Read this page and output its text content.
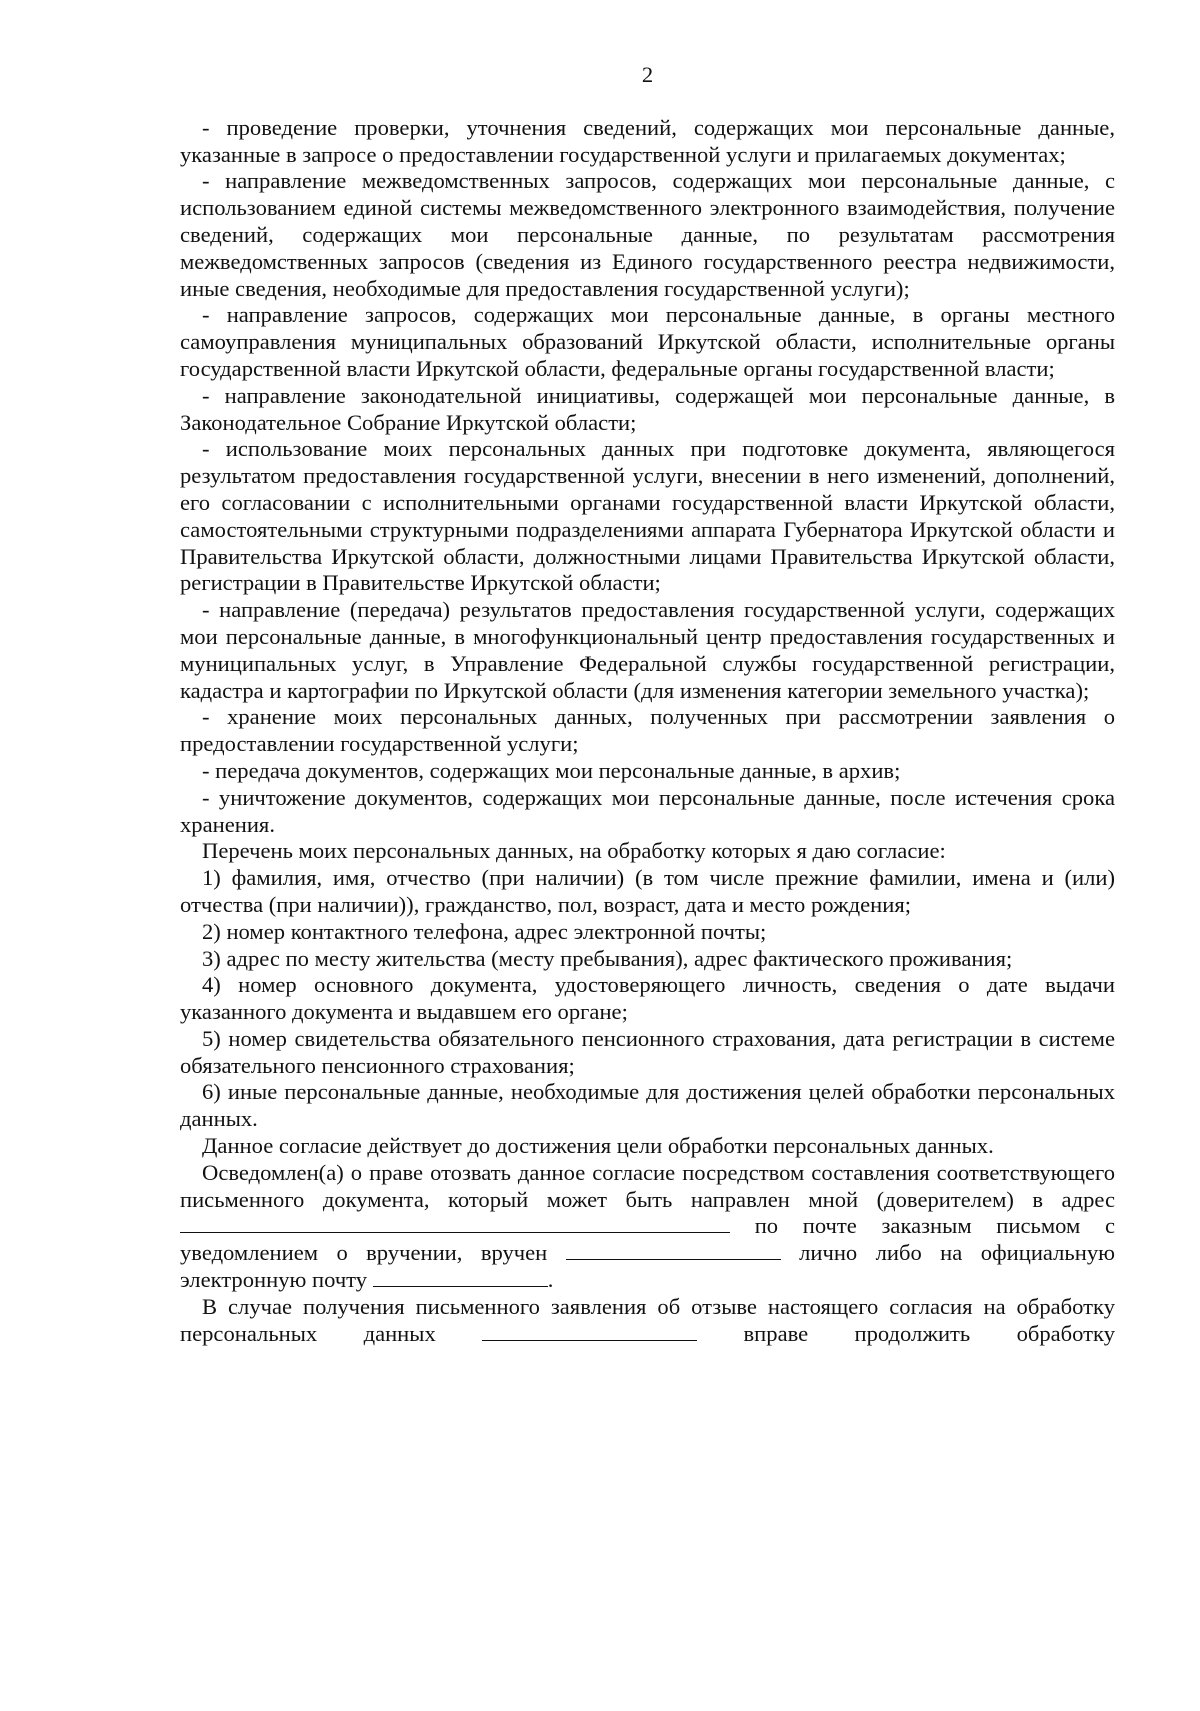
2

- проведение проверки, уточнения сведений, содержащих мои персональные данные, указанные в запросе о предоставлении государственной услуги и прилагаемых документах;

- направление межведомственных запросов, содержащих мои персональные данные, с использованием единой системы межведомственного электронного взаимодействия, получение сведений, содержащих мои персональные данные, по результатам рассмотрения межведомственных запросов (сведения из Единого государственного реестра недвижимости, иные сведения, необходимые для предоставления государственной услуги);

- направление запросов, содержащих мои персональные данные, в органы местного самоуправления муниципальных образований Иркутской области, исполнительные органы государственной власти Иркутской области, федеральные органы государственной власти;

- направление законодательной инициативы, содержащей мои персональные данные, в Законодательное Собрание Иркутской области;

- использование моих персональных данных при подготовке документа, являющегося результатом предоставления государственной услуги, внесении в него изменений, дополнений, его согласовании с исполнительными органами государственной власти Иркутской области, самостоятельными структурными подразделениями аппарата Губернатора Иркутской области и Правительства Иркутской области, должностными лицами Правительства Иркутской области, регистрации в Правительстве Иркутской области;

- направление (передача) результатов предоставления государственной услуги, содержащих мои персональные данные, в многофункциональный центр предоставления государственных и муниципальных услуг, в Управление Федеральной службы государственной регистрации, кадастра и картографии по Иркутской области (для изменения категории земельного участка);

- хранение моих персональных данных, полученных при рассмотрении заявления о предоставлении государственной услуги;

- передача документов, содержащих мои персональные данные, в архив;

- уничтожение документов, содержащих мои персональные данные, после истечения срока хранения.

Перечень моих персональных данных, на обработку которых я даю согласие:

1) фамилия, имя, отчество (при наличии) (в том числе прежние фамилии, имена и (или) отчества (при наличии)), гражданство, пол, возраст, дата и место рождения;

2) номер контактного телефона, адрес электронной почты;

3) адрес по месту жительства (месту пребывания), адрес фактического проживания;

4) номер основного документа, удостоверяющего личность, сведения о дате выдачи указанного документа и выдавшем его органе;

5) номер свидетельства обязательного пенсионного страхования, дата регистрации в системе обязательного пенсионного страхования;

6) иные персональные данные, необходимые для достижения целей обработки персональных данных.

Данное согласие действует до достижения цели обработки персональных данных.

Осведомлен(а) о праве отозвать данное согласие посредством составления соответствующего письменного документа, который может быть направлен мной (доверителем) в адрес  по почте заказным письмом с уведомлением о вручении, вручен	лично либо на официальную электронную почту	.

В случае получения письменного заявления об отзыве настоящего согласия на обработку персональных данных	вправе продолжить обработку
